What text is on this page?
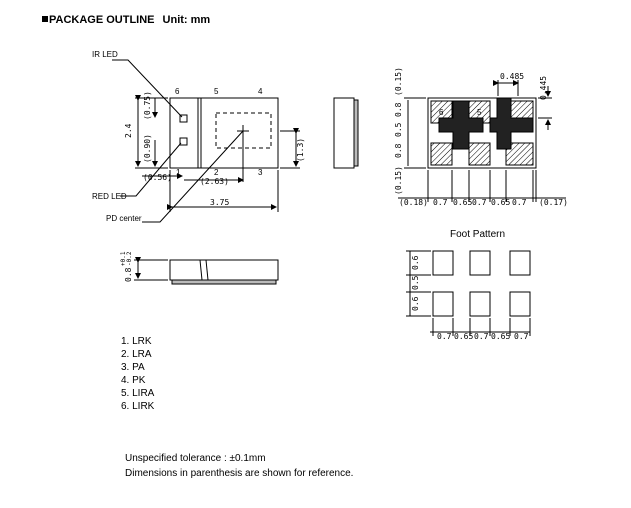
PACKAGE OUTLINE Unit: mm
IR LED
RED LED
PD center
6	5	4
1	2	3
2.4
(0.75)
(0.90)
(0.56)	(2.63)
3.75
(1.3)
0.8
+0.1 -0.2
6	5
0.485 0.445
(0.15)
0.8
0.5
0.8
(0.15)
(0.18) 0.7 0.65 0.7 0.65 0.7 (0.17)
0.6
0.5
0.6
0.7 0.65 0.7 0.65 0.7
Foot Pattern
1. LRK
2. LRA
3. PA
4. PK
5. LIRA
6. LIRK
Unspecified tolerance : ±0.1mm
Dimensions in parenthesis are shown for reference.
